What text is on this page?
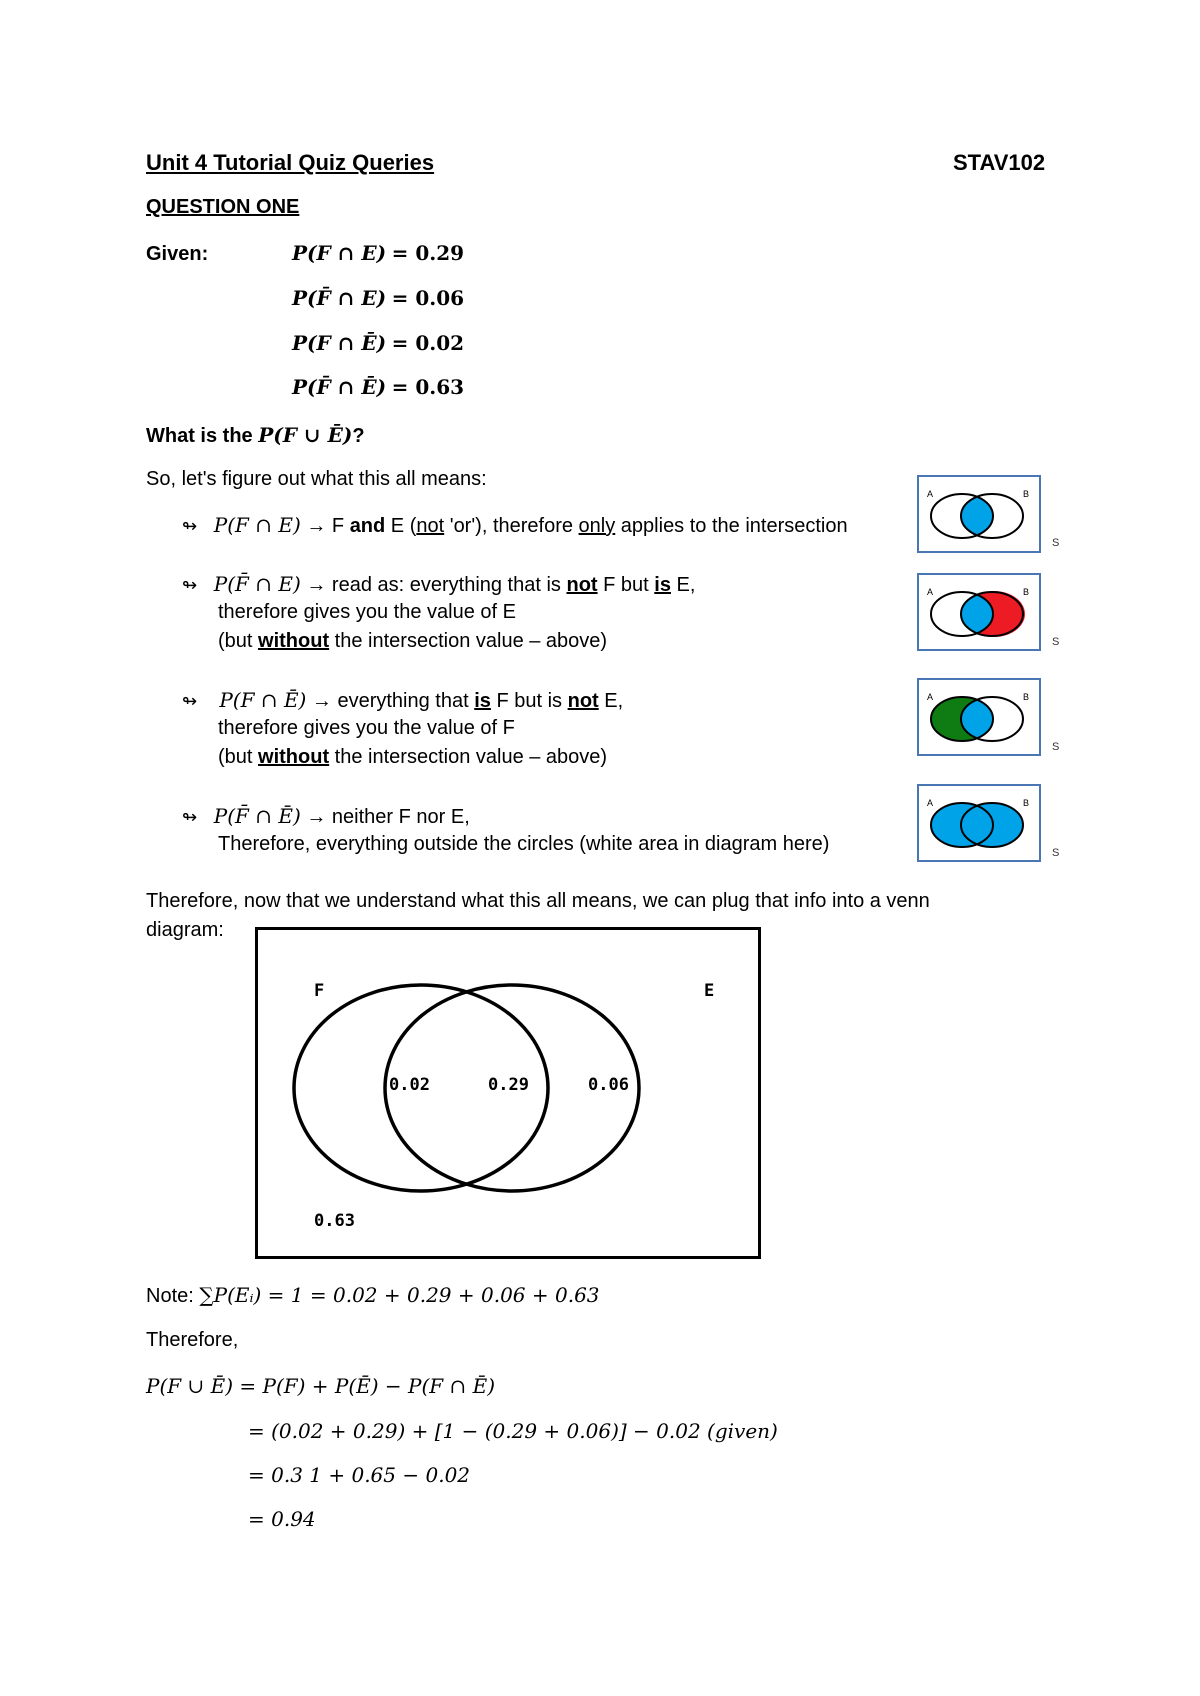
Unit 4 Tutorial Quiz Queries	STAV102
QUESTION ONE
Given:	P(F ∩ E) = 0.29
P(F̄ ∩ E) = 0.06
P(F ∩ Ē) = 0.02
P(F̄ ∩ Ē) = 0.63
What is the P(F ∪ Ē)?
So, let's figure out what this all means:
↬ P(F ∩ E) → F and E (not 'or'), therefore only applies to the intersection
↬ P(F̄ ∩ E) → read as: everything that is not F but is E,
therefore gives you the value of E
(but without the intersection value – above)
↬ P(F ∩ Ē) → everything that is F but is not E,
therefore gives you the value of F
(but without the intersection value – above)
↬ P(F̄ ∩ Ē) → neither F nor E,
Therefore, everything outside the circles (white area in diagram here)
A	B
S
A	B
S
A	B
S
A	B
S
Therefore, now that we understand what this all means, we can plug that info into a venn
diagram:
F	E
0.02	0.29	0.06
0.63
Note: ∑P(Eᵢ) = 1 = 0.02 + 0.29 + 0.06 + 0.63
Therefore,
P(F ∪ Ē) = P(F) + P(Ē) − P(F ∩ Ē)
= (0.02 + 0.29) + [1 − (0.29 + 0.06)] − 0.02 (given)
= 0.3 1 + 0.65 − 0.02
= 0.94
